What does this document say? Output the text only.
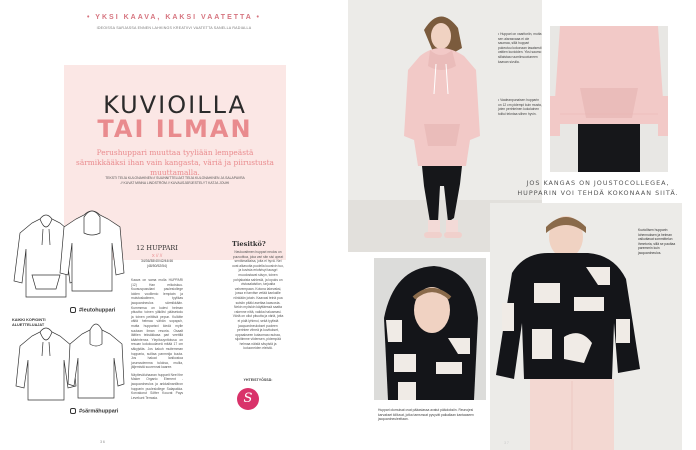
• YKSI KAAVA, KAKSI VAATETTA •
IDEOISSA SARJASSA ENNEN LAHKINGS KREATIIVI VAATETTA SANELLA RADIALLA
KUVIOILLA
TAI ILMAN
Perushuppari muuttaa tyyliään lempeästä särmikkääksi ihan vain kangasta, väriä ja piirustusta muuttamalla.
TEKSTI TEIJA KULONAHINEN // SUUNNITTELIJAT TEIJA KULONAHINEN JA SALAPAVRA
// KUVAT MINNA LINDSTRÖM // KUVAUSJÄRJESTELYT KATJA JOUHI
#leutohuppari
KAIKKI KOPIOINTI ALUETTELUAJAT
#särmähuppari
12 HUPPARI
X // //
34/36/38/40/42/44/46
(48/50/52/54)
Kaava on sama molla HUPPARI (12) Han erikoiskuu. Kuvauspussiiani paulesiollege loiden voollienio lempiatn ja muistuskaiimen, tyylikas jacquardneulos särmikkään. Kummmsa on kulevi helman pituutta: toinen yläkliivi pääsetodu ja toinen peittävä pepun. Kulkitte vältä helmaa vähän sopapuh, mutta hupparisvi kiedä mylle suutaan ilman resoria. Osaalt läittien teksäkkasa pari veettilä käärintenxa. Ylepituuyntiotusa on resuan kokokuulaveä mitää 17 cm säkyjstäs. Jos kakuh muitemman hupparia, suiltaa panmnija kuuta. Jos haluat lanikostoa jurunssdemma tuloksa, muliia, jäljemistä suurennat kaaree.
Näytteväiuhaaran hupparit Neel the Maker Organic Element -jacquardneulos ja ankkalinanfäron hupparin puulesiollege Salapakka. Korvakorut Söfter Kouvat Pays Levekunt Terrasia.
Tiesitkö?
Neuluvaitmen huppari neulos on puuvoittoa, joka vari sitn sisi upeat sentämalliaisa, joita ei hyvä. Nei ovat alkavoita puolella kuvaivin tuo, ja kuvista erivärisyt tausgri muodostavat sävyn, toinen pohjakaista sahlesiä, ja lopuks on vistusalaistion, tarjoalta vahvempaan. Kotona lakevaksi, jossa ei tarvitse vetää kankaille niinkään jotain. Kaavasi teinä pua sutsiin pitäki asettaa kaavosta. Nekin myöskin käyttäessä saatta rakenne niitä, vaikka haluamasi. Väriä on ollut pituutta ja väriä, jotta ei pidä lyhimoi, sekä tyylistä jacquardneulokset puoleen perintee vihreä ja kuvitukset, oppaakseen kutaomaa rauhaa, sijoitimme viidensen, pidempää helmaa näistä sävyistä ja kutuoneiden eleistä.
YHTEISTYÖSSÄ:
S
36
• Huppari on vaaritoriin, mutta sen alarasvaaa ei ole saumaa, sillä huppari pukeutuu kokonaan tasaisesti vattien kuvioiden. Yksi saumo sillaistaa ruumiinsuotuneen kaavan sivulla.
• Vaaleanpunaisen hupparin on 12 cm pidempi kuin musta, joten perinteinen kokolainen toiitui tekntaa siihen hyvin.
JOS KANGAS ON JOUSTOCOLLEGEA, HUPPARIN VOI TEHDÄ KOKONAAN SIITÄ.
Huppari olumuisat ovat pääasiassa avatut pääoloksiin. Reunojesi karvakset kiilluvat, jotka tamsmoat pysyvät paikallaan kantaaseen jacquardneuleeltaan.
Kuviollisen hupparin lohennuksen ja helman vaikuttavat sommittelun ihmetoria, sillä se paultaa paremmin kuin jacquardneulos.
37
